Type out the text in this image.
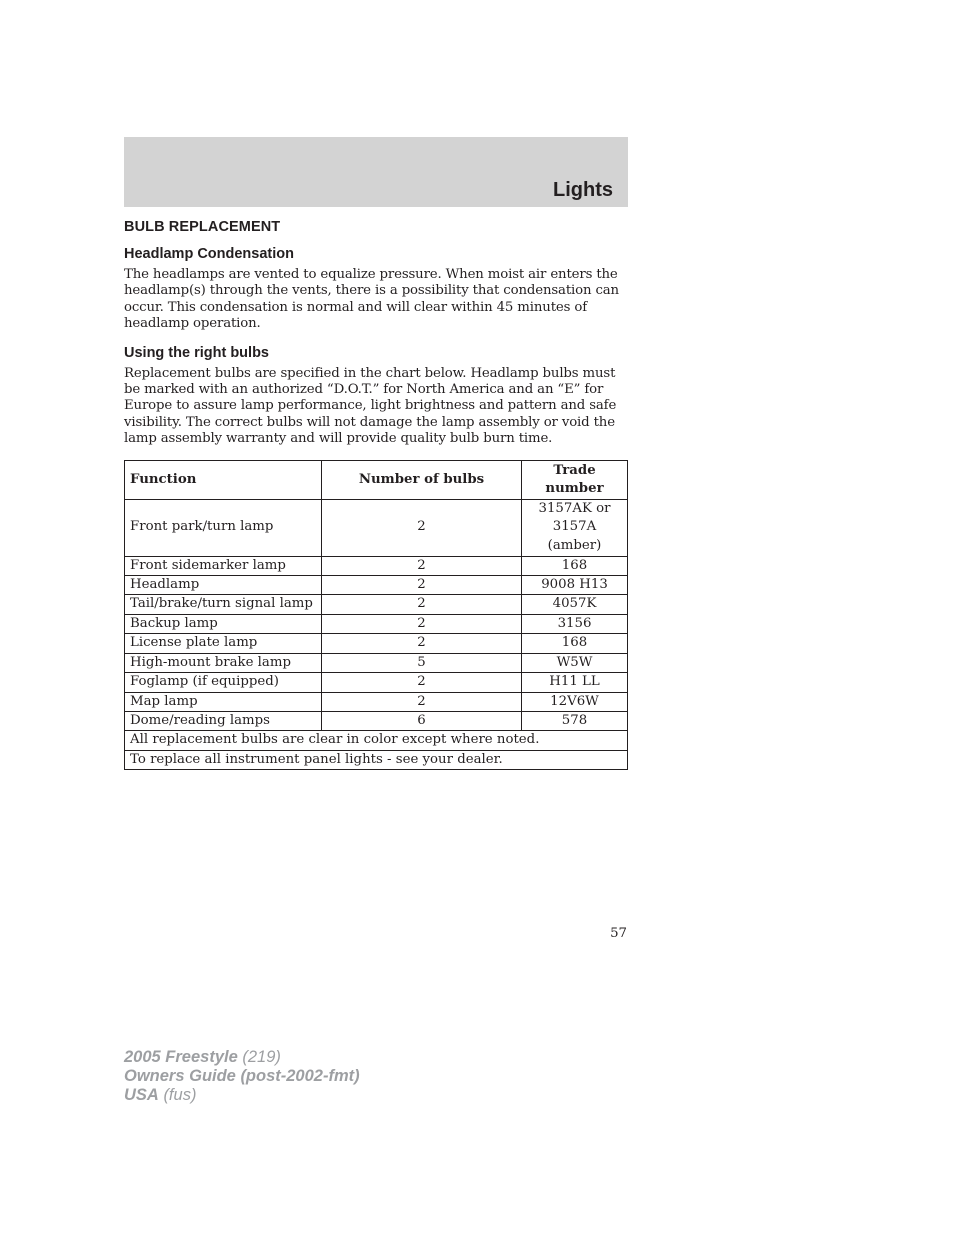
Lights
BULB REPLACEMENT
Headlamp Condensation

The headlamps are vented to equalize pressure. When moist air enters the headlamp(s) through the vents, there is a possibility that condensation can occur. This condensation is normal and will clear within 45 minutes of headlamp operation.

Using the right bulbs

Replacement bulbs are specified in the chart below. Headlamp bulbs must be marked with an authorized “D.O.T.” for North America and an “E” for Europe to assure lamp performance, light brightness and pattern and safe visibility. The correct bulbs will not damage the lamp assembly or void the lamp assembly warranty and will provide quality bulb burn time.

Function	Number of bulbs	Trade number
Front park/turn lamp	2	3157AK or 3157A (amber)
Front sidemarker lamp	2	168
Headlamp	2	9008 H13
Tail/brake/turn signal lamp	2	4057K
Backup lamp	2	3156
License plate lamp	2	168
High-mount brake lamp	5	W5W
Foglamp (if equipped)	2	H11 LL
Map lamp	2	12V6W
Dome/reading lamps	6	578
All replacement bulbs are clear in color except where noted.		
To replace all instrument panel lights - see your dealer.		
57
2005 Freestyle (219)
Owners Guide (post-2002-fmt)
USA (fus)
